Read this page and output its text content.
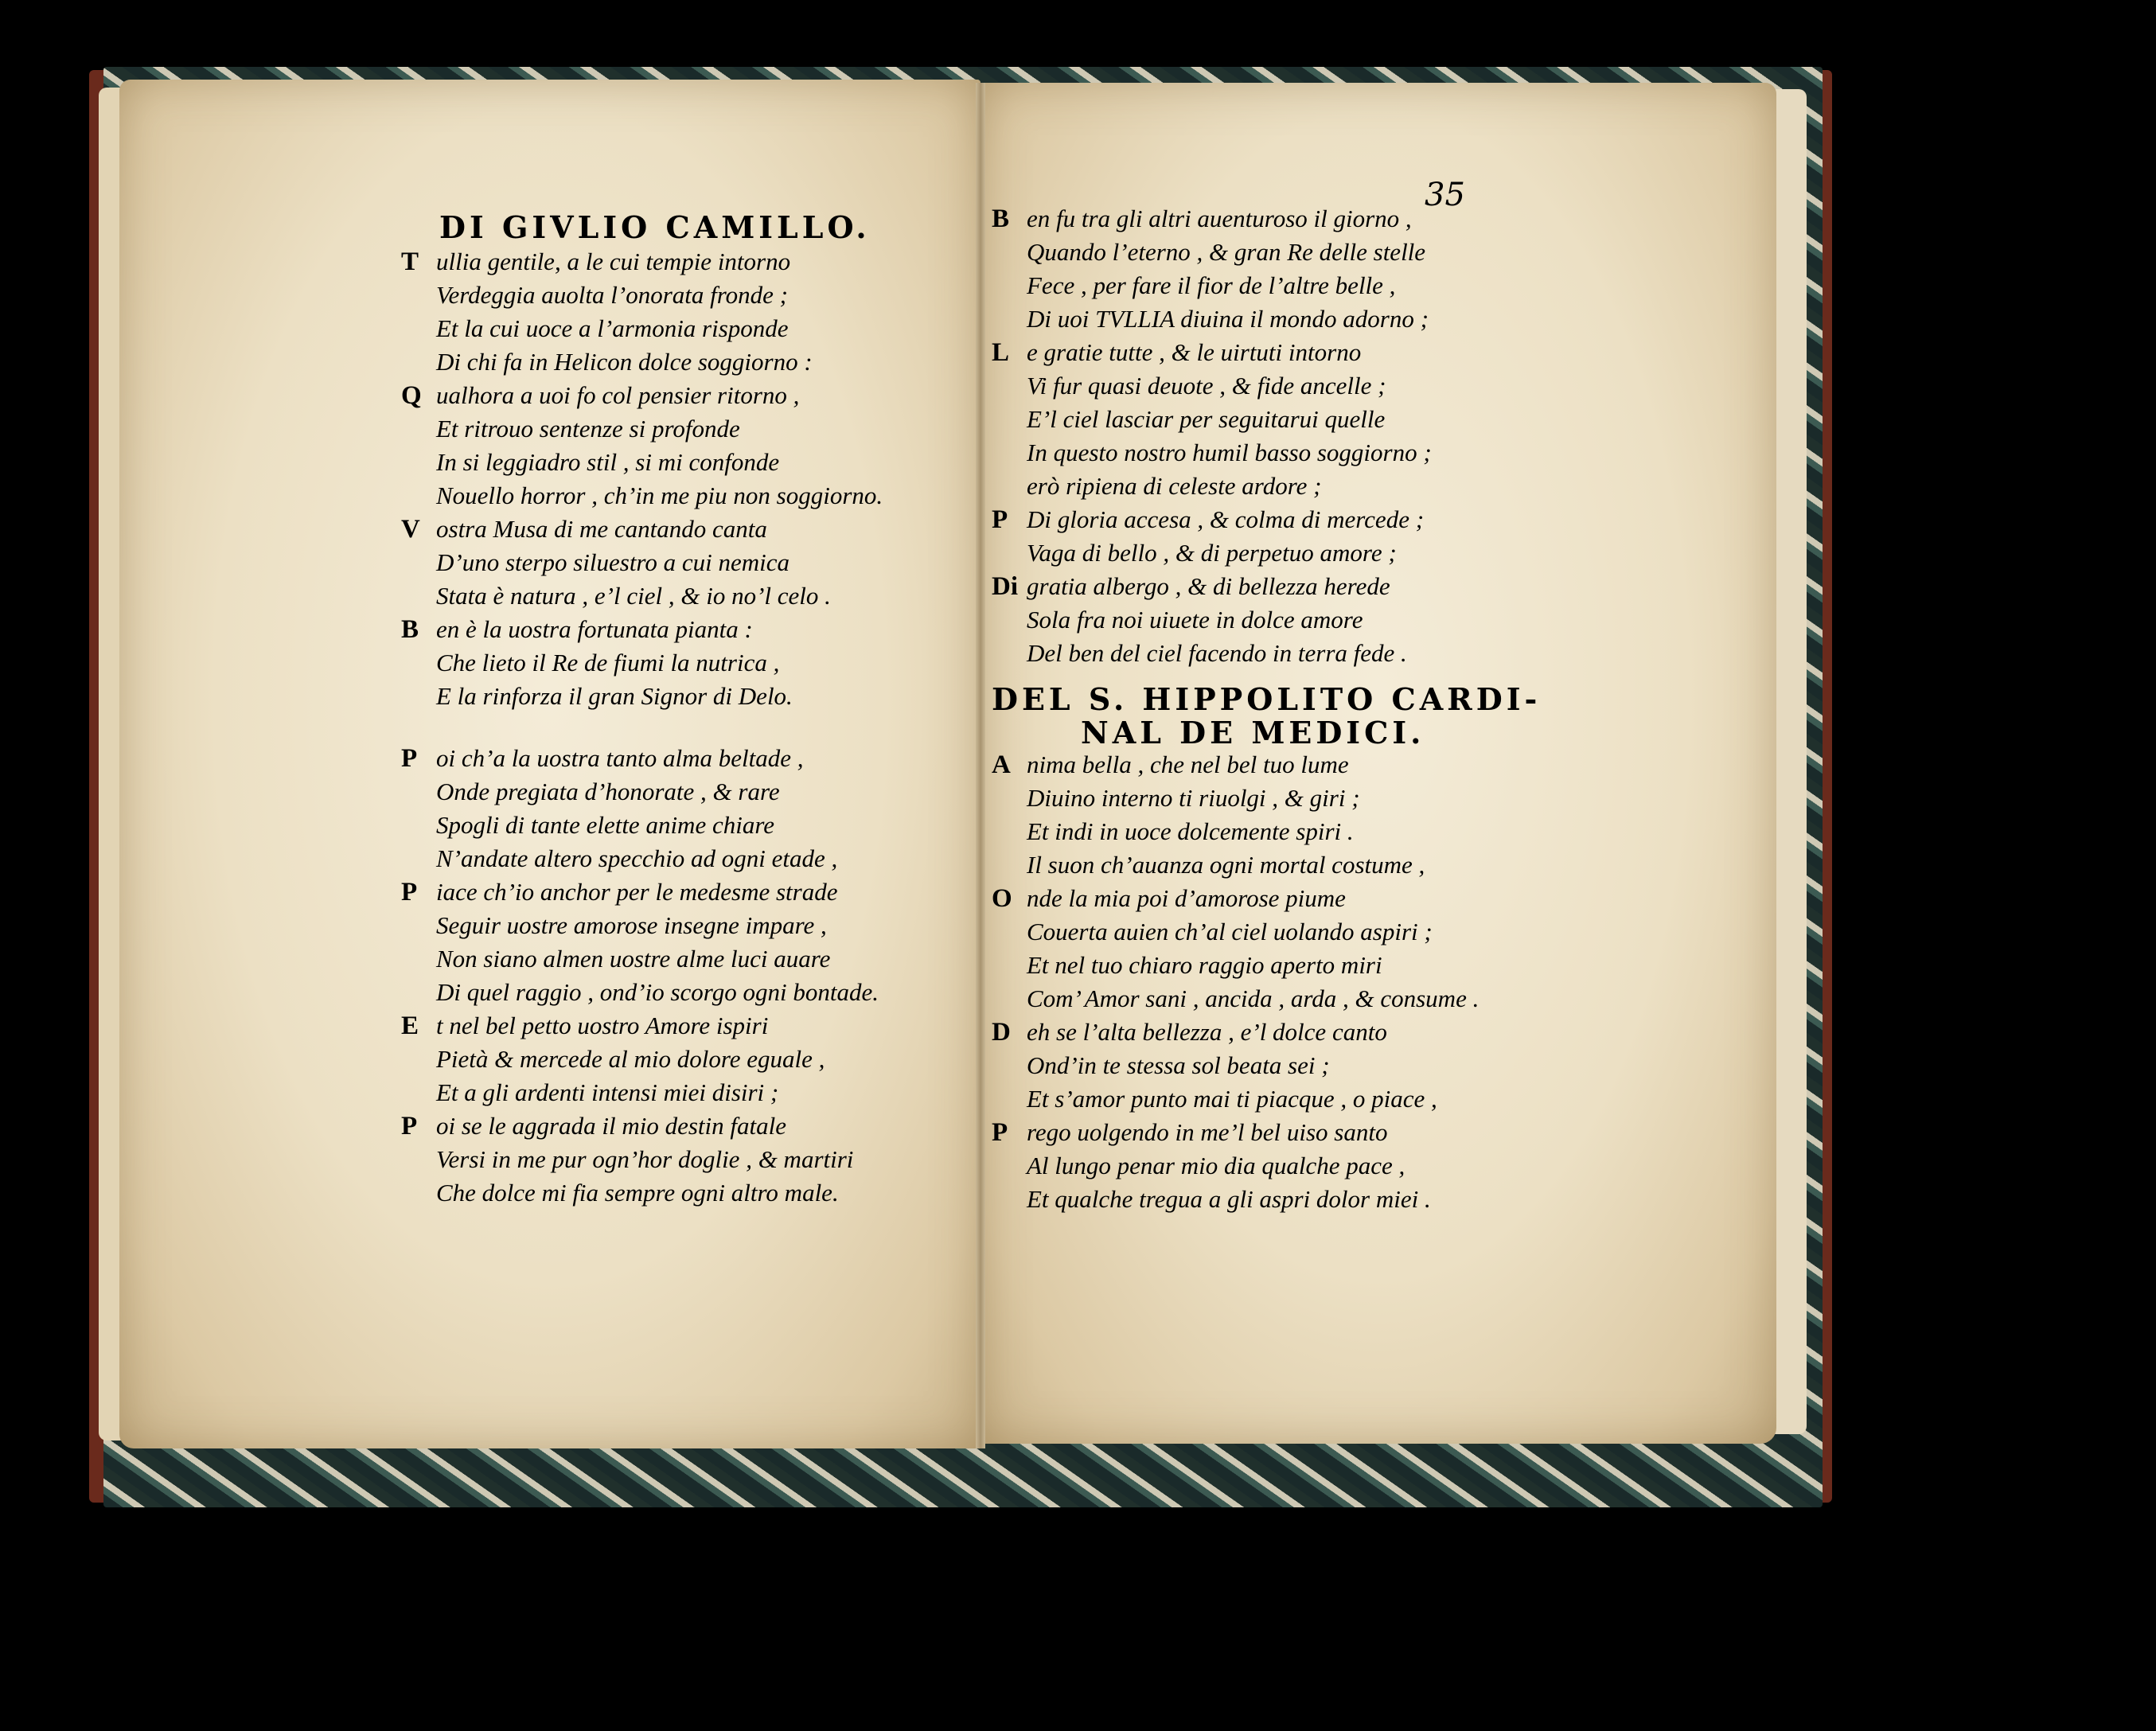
DI GIVLIO CAMILLO.
T ullia gentile, a le cui tempie intorno
Verdeggia auolta l’onorata fronde ;
Et la cui uoce a l’armonia risponde
Di chi fa in Helicon dolce soggiorno :
Q ualhora a uoi fo col pensier ritorno ,
Et ritrouo sentenze si profonde
In si leggiadro stil , si mi confonde
Nouello horror , ch’in me piu non soggiorno.
V ostra Musa di me cantando canta
D’uno sterpo siluestro a cui nemica
Stata è natura , e’l ciel , & io no’l celo .
B en è la uostra fortunata pianta :
Che lieto il Re de fiumi la nutrica ,
E la rinforza il gran Signor di Delo.
P oi ch’a la uostra tanto alma beltade ,
Onde pregiata d’honorate , & rare
Spogli di tante elette anime chiare
N’andate altero specchio ad ogni etade ,
P iace ch’io anchor per le medesme strade
Seguir uostre amorose insegne impare ,
Non siano almen uostre alme luci auare
Di quel raggio , ond’io scorgo ogni bontade.
E t nel bel petto uostro Amore ispiri
Pietà & mercede al mio dolore eguale ,
Et a gli ardenti intensi miei disiri ;
P oi se le aggrada il mio destin fatale
Versi in me pur ogn’hor doglie , & martiri
Che dolce mi fia sempre ogni altro male.
35
B en fu tra gli altri auenturoso il giorno ,
Quando l’eterno , & gran Re delle stelle
Fece , per fare il fior de l’altre belle ,
Di uoi TVLLIA diuina il mondo adorno ;
L e gratie tutte , & le uirtuti intorno
Vi fur quasi deuote , & fide ancelle ;
E’l ciel lasciar per seguitarui quelle
In questo nostro humil basso soggiorno ;
erò ripiena di celeste ardore ;
P Di gloria accesa , & colma di mercede ;
Vaga di bello , & di perpetuo amore ;
Di gratia albergo , & di bellezza herede
Sola fra noi uiuete in dolce amore
Del ben del ciel facendo in terra fede .
DEL S. HIPPOLITO CARDI-
NAL DE MEDICI.
A nima bella , che nel bel tuo lume
Diuino interno ti riuolgi , & giri ;
Et indi in uoce dolcemente spiri .
Il suon ch’auanza ogni mortal costume ,
O nde la mia poi d’amorose piume
Couerta auien ch’al ciel uolando aspiri ;
Et nel tuo chiaro raggio aperto miri
Com’ Amor sani , ancida , arda , & consume .
D eh se l’alta bellezza , e’l dolce canto
Ond’in te stessa sol beata sei ;
Et s’amor punto mai ti piacque , o piace ,
P rego uolgendo in me’l bel uiso santo
Al lungo penar mio dia qualche pace ,
Et qualche tregua a gli aspri dolor miei .
